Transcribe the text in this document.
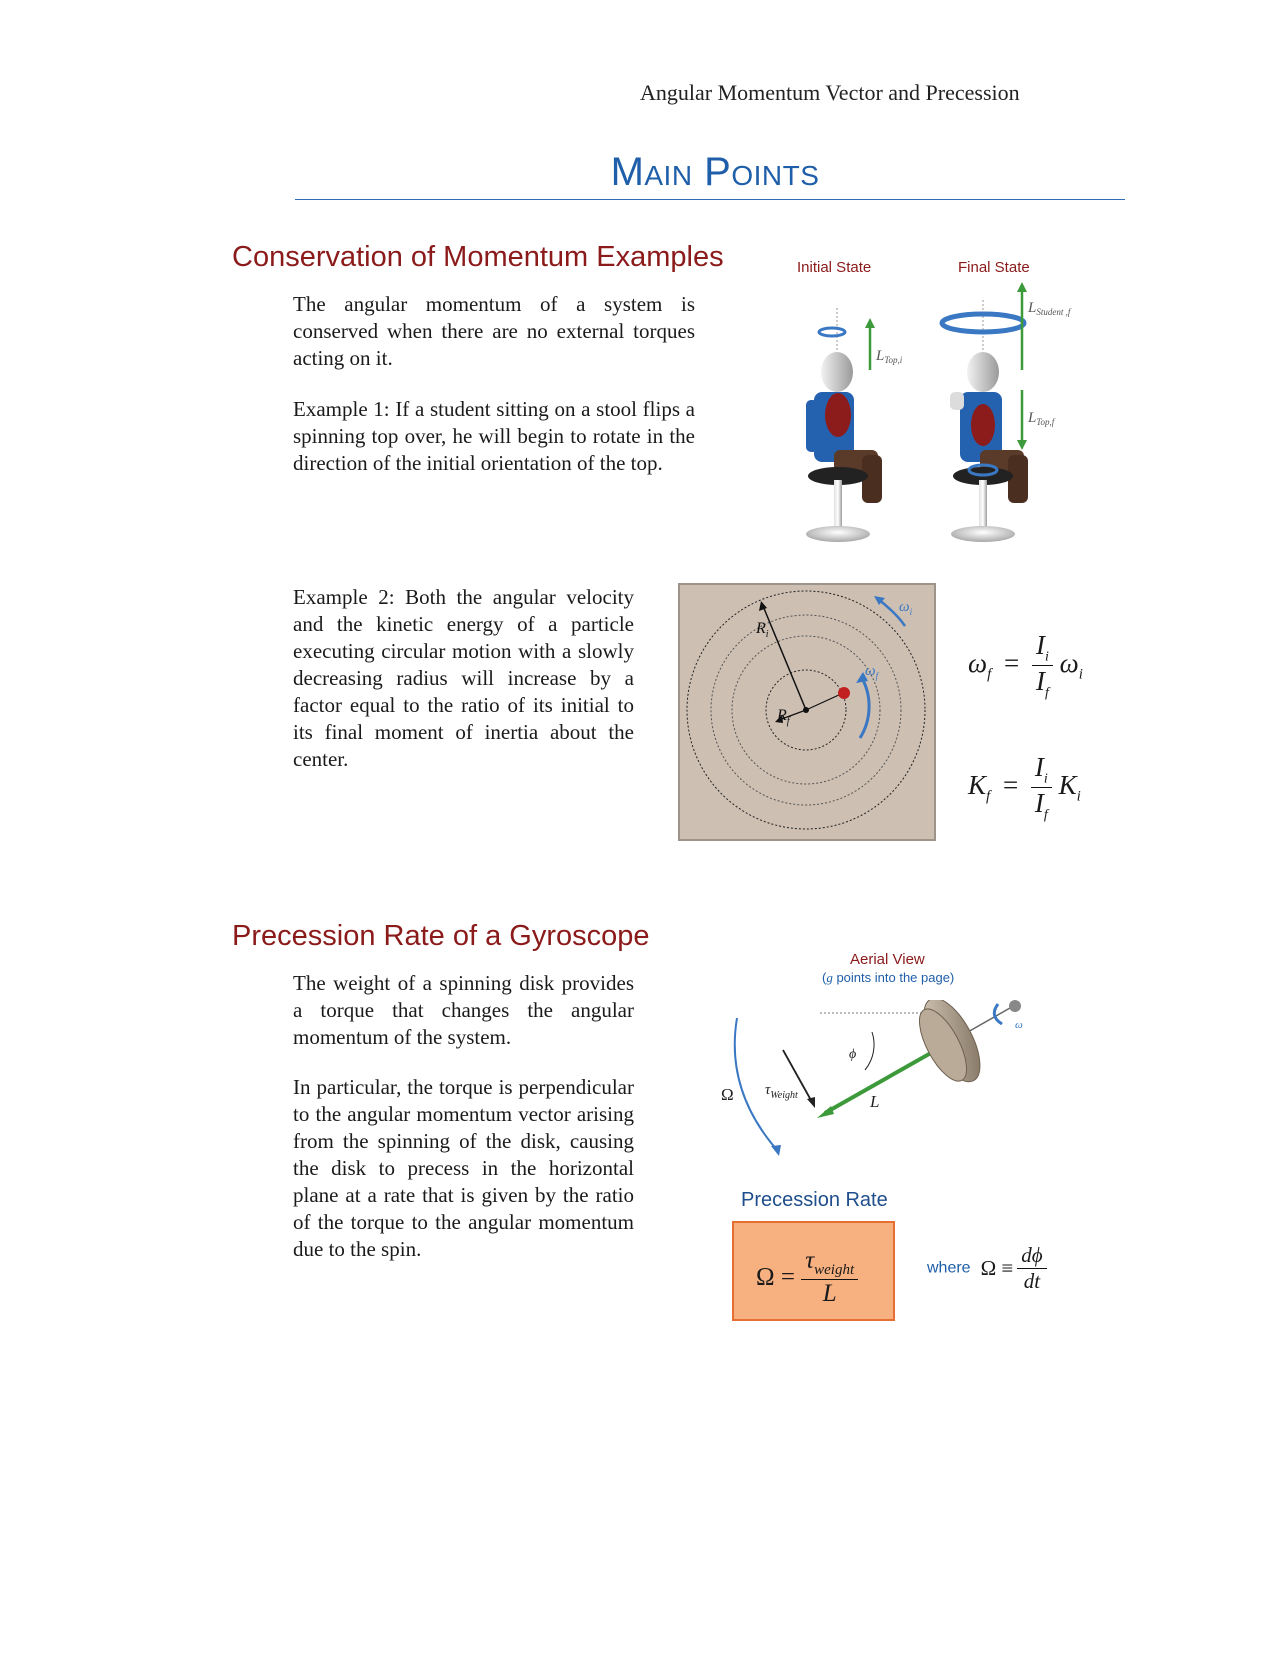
Angular Momentum Vector and Precession
Main Points
Conservation of Momentum Examples
The angular momentum of a system is conserved when there are no external torques acting on it.
Example 1: If a student sitting on a stool flips a spinning top over, he will begin to rotate in the direction of the initial orientation of the top.
Example 2: Both the angular velocity and the kinetic energy of a particle executing circular motion with a slowly decreasing radius will increase by a factor equal to the ratio of its initial to its final moment of inertia about the center.
Initial State	Final State
$L_{Top,i}$
$L_{Student ,f}$
$L_{Top,f}$
$R_i$
$R_f$
$\omega_f$
$\omega_i$
$\omega_f = \frac{I_i}{I_f} \omega_i$
$K_f = \frac{I_i}{I_f} K_i$
Precession Rate of a Gyroscope
The weight of a spinning disk provides a torque that changes the angular momentum of the system.
In particular, the torque is perpendicular to the angular momentum vector arising from the spinning of the disk, causing the disk to precess in the horizontal plane at a rate that is given by the ratio of the torque to the angular momentum due to the spin.
Aerial View
(g points into the page)
Ω $\tau_{Weight}$
ϕ
L
ω
Precession Rate
$\Omega = \frac{\tau_{weight}}{L}$	where $\Omega \equiv \frac{d\phi}{dt}$
